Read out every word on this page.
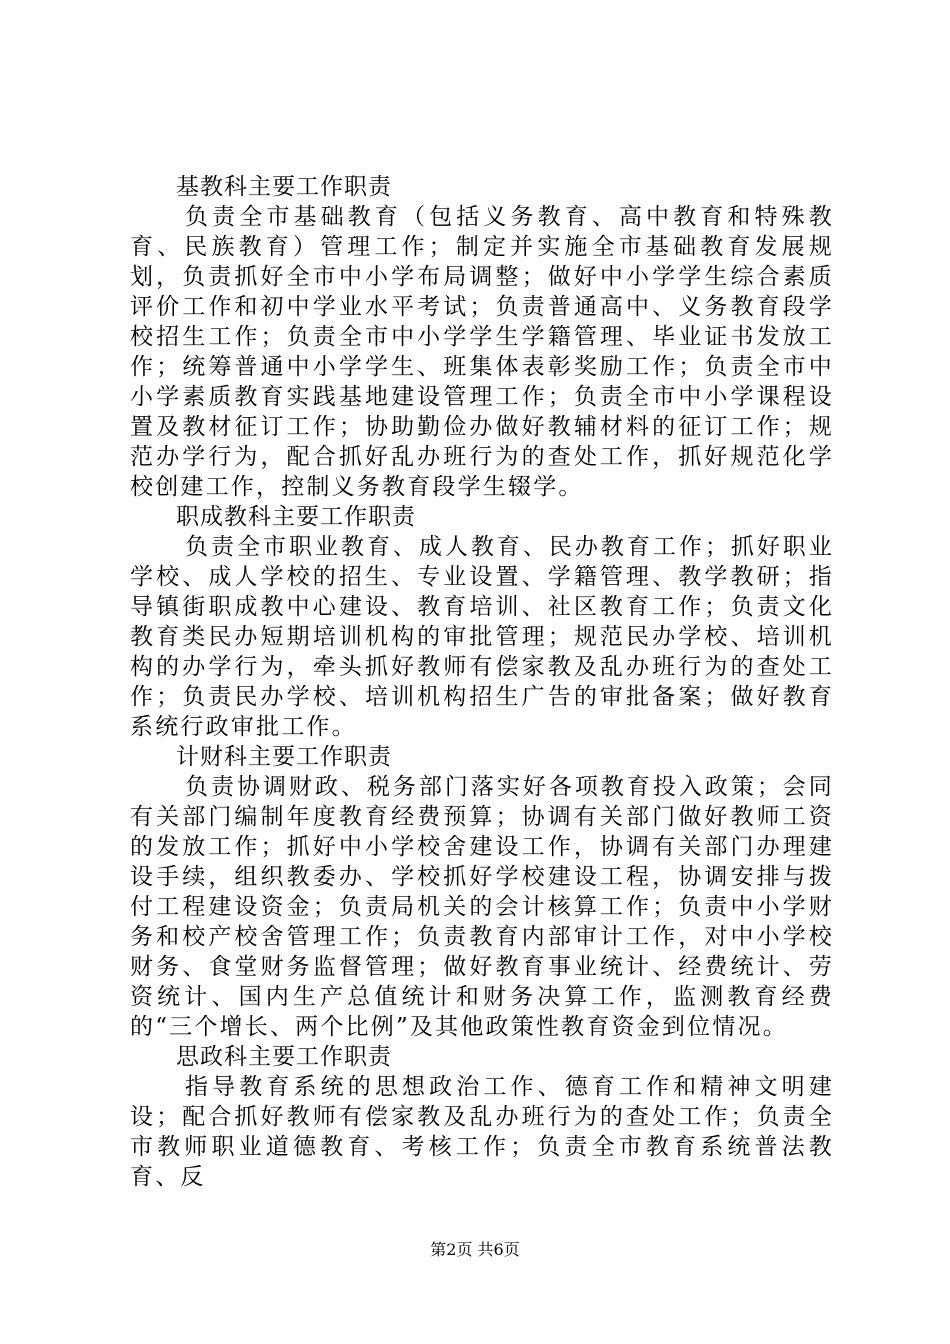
基教科主要工作职责

负责全市基础教育（包括义务教育、高中教育和特殊教育、民族教育）管理工作；制定并实施全市基础教育发展规划，负责抓好全市中小学布局调整；做好中小学学生综合素质评价工作和初中学业水平考试；负责普通高中、义务教育段学校招生工作；负责全市中小学学生学籍管理、毕业证书发放工作；统筹普通中小学学生、班集体表彰奖励工作；负责全市中小学素质教育实践基地建设管理工作；负责全市中小学课程设置及教材征订工作；协助勤俭办做好教辅材料的征订工作；规范办学行为，配合抓好乱办班行为的查处工作，抓好规范化学校创建工作，控制义务教育段学生辍学。

职成教科主要工作职责

负责全市职业教育、成人教育、民办教育工作；抓好职业学校、成人学校的招生、专业设置、学籍管理、教学教研；指导镇街职成教中心建设、教育培训、社区教育工作；负责文化教育类民办短期培训机构的审批管理；规范民办学校、培训机构的办学行为，牵头抓好教师有偿家教及乱办班行为的查处工作；负责民办学校、培训机构招生广告的审批备案；做好教育系统行政审批工作。

计财科主要工作职责

负责协调财政、税务部门落实好各项教育投入政策；会同有关部门编制年度教育经费预算；协调有关部门做好教师工资的发放工作；抓好中小学校舍建设工作，协调有关部门办理建设手续，组织教委办、学校抓好学校建设工程，协调安排与拨付工程建设资金；负责局机关的会计核算工作；负责中小学财务和校产校舍管理工作；负责教育内部审计工作，对中小学校财务、食堂财务监督管理；做好教育事业统计、经费统计、劳资统计、国内生产总值统计和财务决算工作，监测教育经费的“三个增长、两个比例”及其他政策性教育资金到位情况。

思政科主要工作职责

指导教育系统的思想政治工作、德育工作和精神文明建设；配合抓好教师有偿家教及乱办班行为的查处工作；负责全市教师职业道德教育、考核工作；负责全市教育系统普法教育、反

第2页 共6页
